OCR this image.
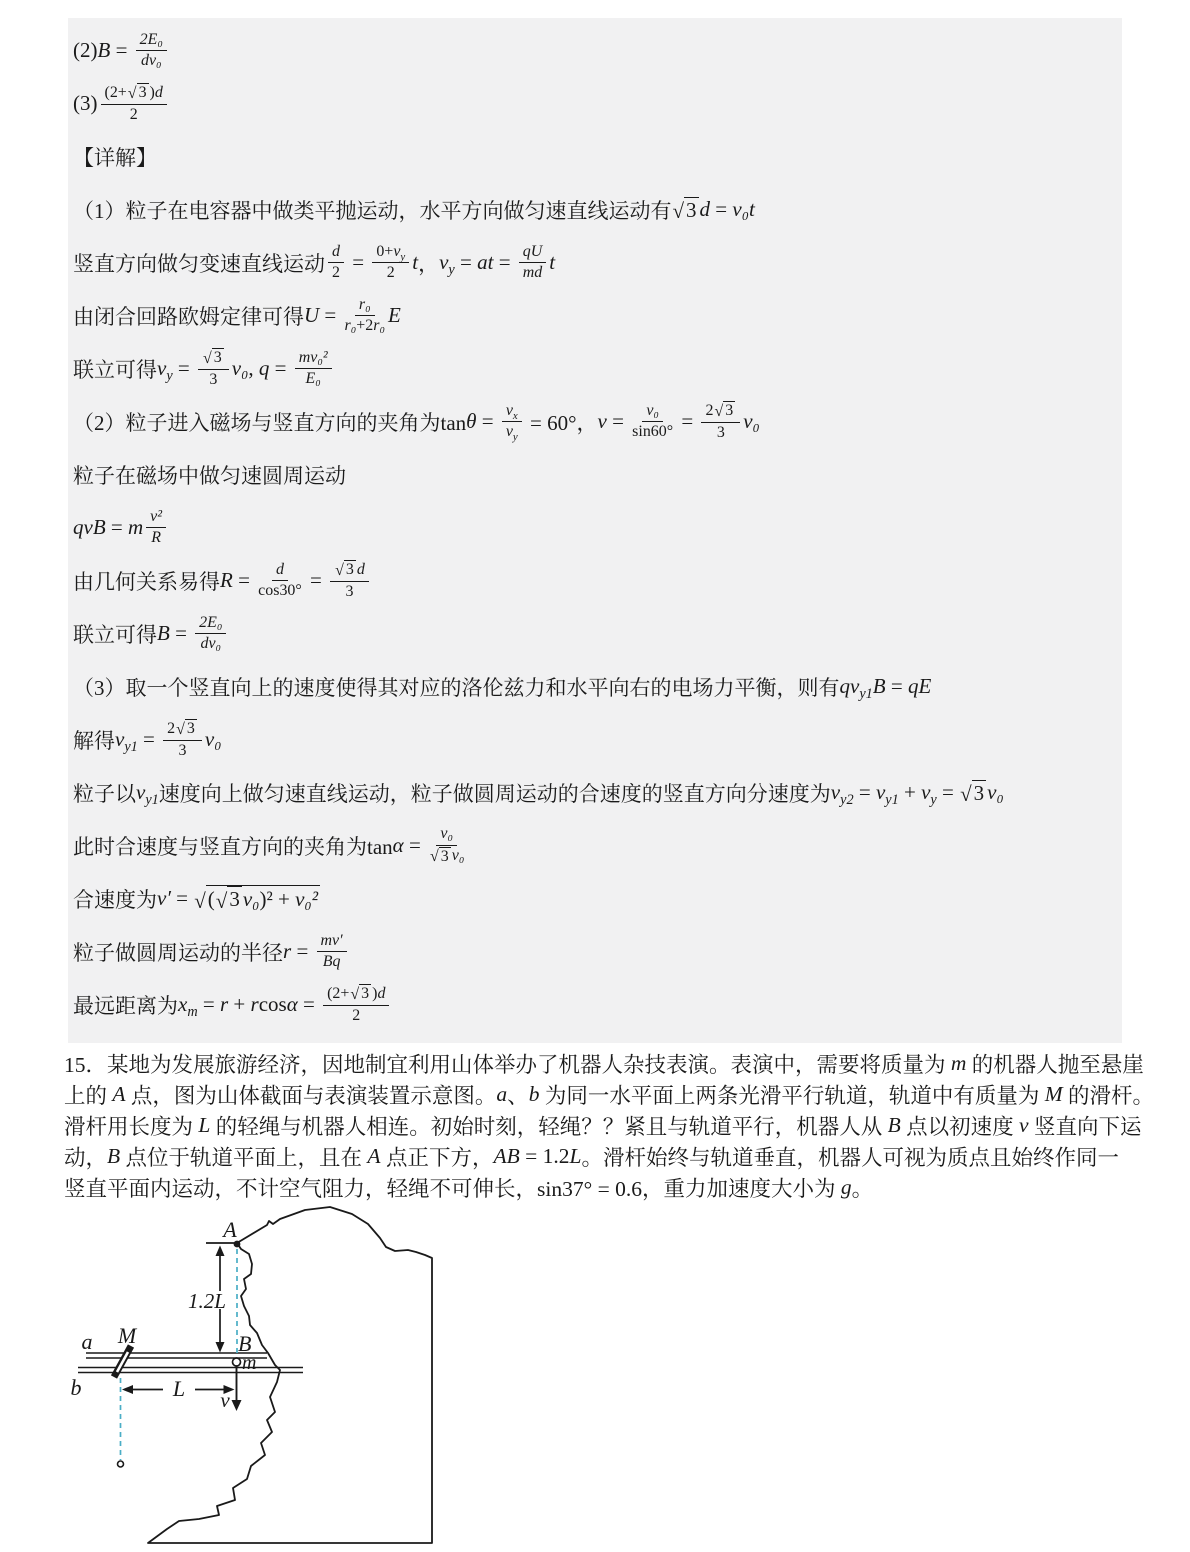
(2) $B = \frac{\text{2E₀}}{\text{dv₀}}$
$(3) \frac{(2+ √ 3 ) d}{2}$
【详解】
（1）粒子在电容器中做类平抛运动，水平方向做匀速直线运动有 √ 3 d = v₀t
竖直方向做匀变速直线运动 $\frac{d}{2} = \frac{0+ v_y}{2}$ t ， $v_y$ = at = $\frac{qU}{md}$ t
由闭合回路欧姆定律可得 $U = \frac{\text{r₀}}{\text{r₀ +2 r₀}}$ E
联立可得 $v_y = \frac{√ 3}{3} v_0$ , $q = \frac{\text{mv₀²}}{\text{E₀}}$
（2）粒子进入磁场与竖直方向的夹角为$\tan \theta = \frac{v_x}{v_y} = 60^\circ$， $v = \frac{\text{v₀}}{\sin 60^\circ} = \frac{2 √ 3}{3} v_0$
粒子在磁场中做匀速圆周运动
qvB = m $\frac{\text{v²}}{R}$
由几何关系易得 $R = \frac{d}{\cos 30^\circ} = \frac{√ 3 d}{3}$
联立可得 $B = \frac{\text{2E₀}}{\text{dv₀}}$
（3）取一个竖直向上的速度使得其对应的洛伦兹力和水平向右的电场力平衡，则有 q $v_{y1}$ B = qE
解得 $v_{y1} = \frac{2 √ 3}{3} v_0$
粒子以 $v_{y1}$ 速度向上做匀速直线运动，粒子做圆周运动的合速度的竖直方向分速度为 $v_{y2} = v_{y1} + v_y$ = √ 3 v₀
此时合速度与竖直方向的夹角为$\tan \alpha = \frac{\text{v₀}}{\text{√ 3 v₀}}$
合速度为 v′ = √ ( √ 3 v₀ )² + v₀²
粒子做圆周运动的半径 $r = \frac{mv'}{Bq}$
最远距离为 $x_m = r + r$ $\cos \alpha = \frac{(2+ √ 3 ) d}{2}$
15．某地为发展旅游经济，因地制宜利用山体举办了机器人杂技表演。表演中，需要将质量为 m 的机器人抛至悬崖
上的 A 点，图为山体截面与表演装置示意图。 a 、 b 为同一水平面上两条光滑平行轨道，轨道中有质量为 M 的滑杆。
滑杆用长度为 L 的轻绳与机器人相连。初始时刻，轻绳？？紧且与轨道平行，机器人从 B 点以初速度 v 竖直向下运
动， B 点位于轨道平面上，且在 A 点正下方， AB = 1.2 L 。滑杆始终与轨道垂直，机器人可视为质点且始终作同一
竖直平面内运动，不计空气阻力，轻绳不可伸长，sin37° = 0.6，重力加速度大小为 g 。
A
B
m
M
a
b	L v
1.2L
